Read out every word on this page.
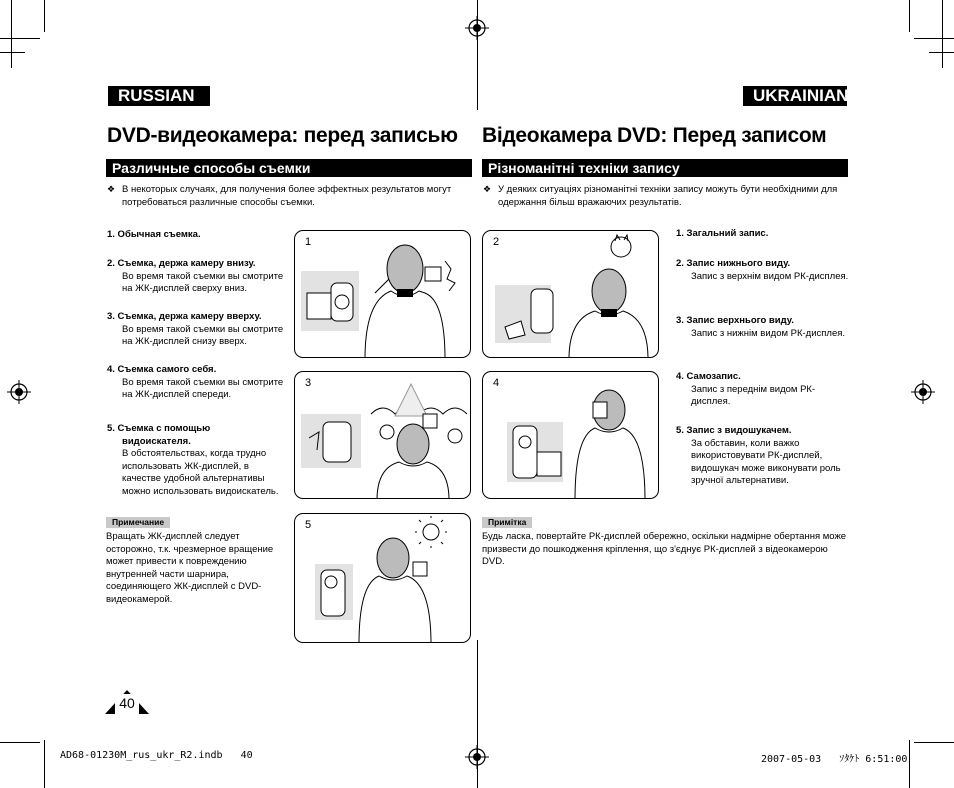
RUSSIAN	UKRAINIAN
DVD-видеокамера: перед записью Відеокамера DVD: Перед записом
Различные способы съемки	Різноманітні техніки запису
❖ В некоторых случаях, для получения более эффектных результатов могут
потребоваться различные способы съемки.
❖ У деяких ситуаціях різноманітні техніки запису можуть бути необхідними для
одержання більш вражаючих результатів.
1. Обычная съемка.
2. Съемка, держа камеру внизу.
Во время такой съемки вы смотрите
на ЖК-дисплей сверху вниз.
3. Съемка, держа камеру вверху.
Во время такой съемки вы смотрите
на ЖК-дисплей снизу вверх.
4. Съемка самого себя.
Во время такой съемки вы смотрите
на ЖК-дисплей спереди.
5. Съемка с помощью
видоискателя.
В обстоятельствах, когда трудно
использовать ЖК-дисплей, в
качестве удобной альтернативы
можно использовать видоискатель.
Примечание
Вращать ЖК-дисплей следует
осторожно, т.к. чрезмерное вращение
может привести к повреждению
внутренней части шарнира,
соединяющего ЖК-дисплей с DVD-
видеокамерой.
1. Загальний запис.
2. Запис нижнього виду.
Запис з верхнім видом РК-дисплея.
3. Запис верхнього виду.
Запис з нижнім видом РК-дисплея.
4. Самозапис.
Запис з переднім видом РК-
дисплея.
5. Запис з видошукачем.
За обставин, коли важко
використовувати РК-дисплей,
видошукач може виконувати роль
зручної альтернативи.
Примітка
Будь ласка, повертайте РК-дисплей обережно, оскільки надмірне обертання може
призвести до пошкодження кріплення, що з'єднує РК-дисплей з відеокамерою
DVD.
1	2
3	4
5
40
AD68-01230M_rus_ukr_R2.indb   40	2007-05-03   ｿﾀｹﾄ 6:51:00
